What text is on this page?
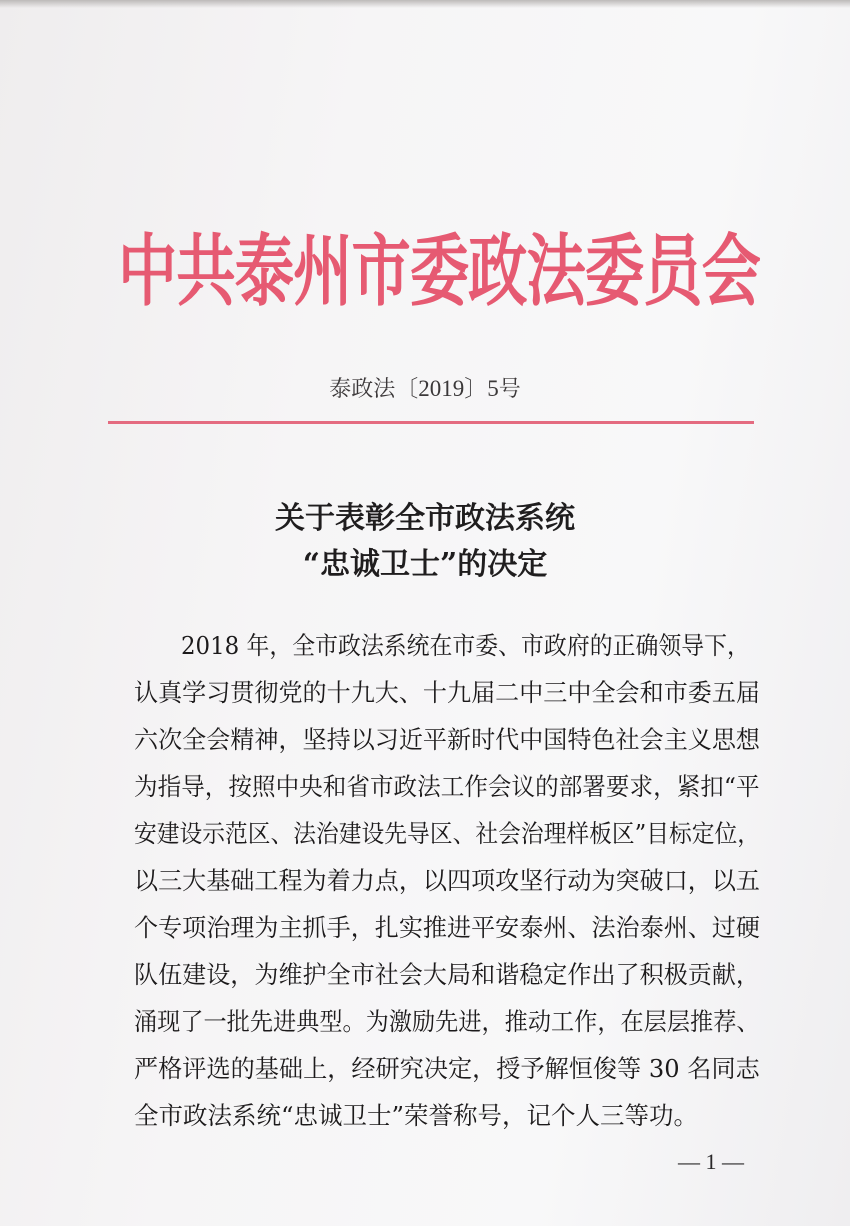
中共泰州市委政法委员会
泰政法〔2019〕5号
关于表彰全市政法系统
“忠诚卫士”的决定
2018 年，全市政法系统在市委、市政府的正确领导下，
认真学习贯彻党的十九大、十九届二中三中全会和市委五届
六次全会精神，坚持以习近平新时代中国特色社会主义思想
为指导，按照中央和省市政法工作会议的部署要求，紧扣“平
安建设示范区、法治建设先导区、社会治理样板区”目标定位，
以三大基础工程为着力点，以四项攻坚行动为突破口，以五
个专项治理为主抓手，扎实推进平安泰州、法治泰州、过硬
队伍建设，为维护全市社会大局和谐稳定作出了积极贡献，
涌现了一批先进典型。为激励先进，推动工作，在层层推荐、
严格评选的基础上，经研究决定，授予解恒俊等 30 名同志
全市政法系统“忠诚卫士”荣誉称号，记个人三等功。
— 1 —
